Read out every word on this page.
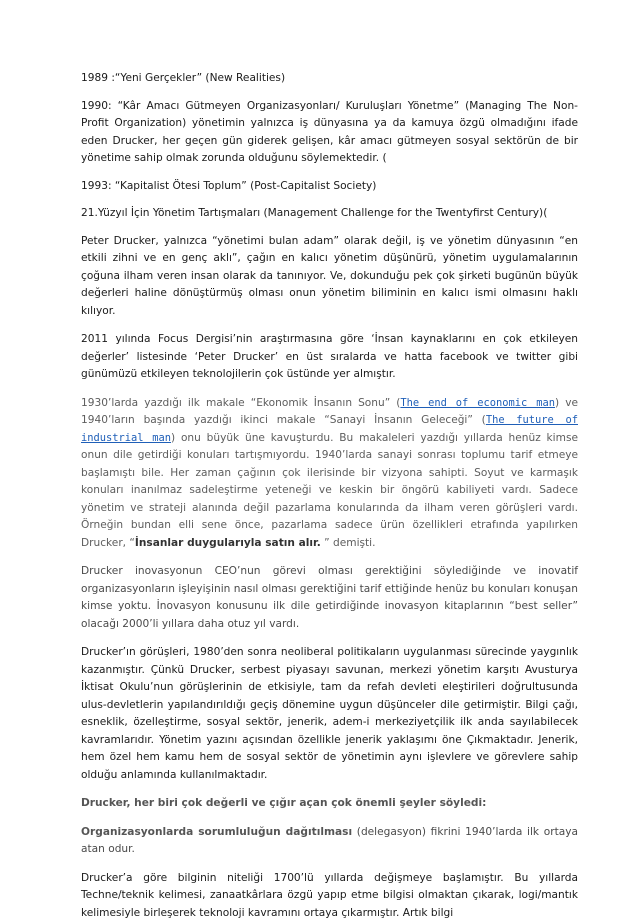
1989 :“Yeni Gerçekler” (New Realities)

1990: “Kâr Amacı Gütmeyen Organizasyonları/ Kuruluşları Yönetme” (Managing The Non-Profit Organization) yönetimin yalnızca iş dünyasına ya da kamuya özgü olmadığını ifade eden Drucker, her geçen gün giderek gelişen, kâr amacı gütmeyen sosyal sektörün de bir yönetime sahip olmak zorunda olduğunu söylemektedir. (

1993: “Kapitalist Ötesi Toplum” (Post-Capitalist Society)

21.Yüzyıl İçin Yönetim Tartışmaları (Management Challenge for the Twentyfirst Century)(

Peter Drucker, yalnızca “yönetimi bulan adam” olarak değil, iş ve yönetim dünyasının “en etkili zihni ve en genç aklı”, çağın en kalıcı yönetim düşünürü, yönetim uygulamalarının çoğuna ilham veren insan olarak da tanınıyor. Ve, dokunduğu pek çok şirketi bugünün büyük değerleri haline dönüştürmüş olması onun yönetim biliminin en kalıcı ismi olmasını haklı kılıyor.

2011 yılında Focus Dergisi’nin araştırmasına göre ‘İnsan kaynaklarını en çok etkileyen değerler’ listesinde ‘Peter Drucker’ en üst sıralarda ve hatta facebook ve twitter gibi günümüzü etkileyen teknolojilerin çok üstünde yer almıştır.

1930’larda yazdığı ilk makale “Ekonomik İnsanın Sonu” (The end of economic man) ve 1940’ların başında yazdığı ikinci makale “Sanayi İnsanın Geleceği” (The future of industrial man) onu büyük üne kavuşturdu. Bu makaleleri yazdığı yıllarda henüz kimse onun dile getirdiği konuları tartışmıyordu. 1940’larda sanayi sonrası toplumu tarif etmeye başlamıştı bile. Her zaman çağının çok ilerisinde bir vizyona sahipti. Soyut ve karmaşık konuları inanılmaz sadeleştirme yeteneği ve keskin bir öngörü kabiliyeti vardı. Sadece yönetim ve strateji alanında değil pazarlama konularında da ilham veren görüşleri vardı. Örneğin bundan elli sene önce, pazarlama sadece ürün özellikleri etrafında yapılırken Drucker, “İnsanlar duygularıyla satın alır. ” demişti.

Drucker inovasyonun CEO’nun görevi olması gerektiğini söylediğinde ve inovatif organizasyonların işleyişinin nasıl olması gerektiğini tarif ettiğinde henüz bu konuları konuşan kimse yoktu. İnovasyon konusunu ilk dile getirdiğinde inovasyon kitaplarının “best seller” olacağı 2000’li yıllara daha otuz yıl vardı.

Drucker’ın görüşleri, 1980’den sonra neoliberal politikaların uygulanması sürecinde yaygınlık kazanmıştır. Çünkü Drucker, serbest piyasayı savunan, merkezi yönetim karşıtı Avusturya İktisat Okulu’nun görüşlerinin de etkisiyle, tam da refah devleti eleştirileri doğrultusunda ulus-devletlerin yapılandırıldığı geçiş dönemine uygun düşünceler dile getirmiştir. Bilgi çağı, esneklik, özelleştirme, sosyal sektör, jenerik, adem-i merkeziyetçilik ilk anda sayılabilecek kavramlarıdır. Yönetim yazını açısından özellikle jenerik yaklaşımı öne Çıkmaktadır. Jenerik, hem özel hem kamu hem de sosyal sektör de yönetimin aynı işlevlere ve görevlere sahip olduğu anlamında kullanılmaktadır.

Drucker, her biri çok değerli ve çığır açan çok önemli şeyler söyledi:

Organizasyonlarda sorumluluğun dağıtılması (delegasyon) fikrini 1940’larda ilk ortaya atan odur.

Drucker’a göre bilginin niteliği 1700’lü yıllarda değişmeye başlamıştır. Bu yıllarda Techne/teknik kelimesi, zanaatkârlara özgü yapıp etme bilgisi olmaktan çıkarak, logi/mantık kelimesiyle birleşerek teknoloji kavramını ortaya çıkarmıştır. Artık bilgi
